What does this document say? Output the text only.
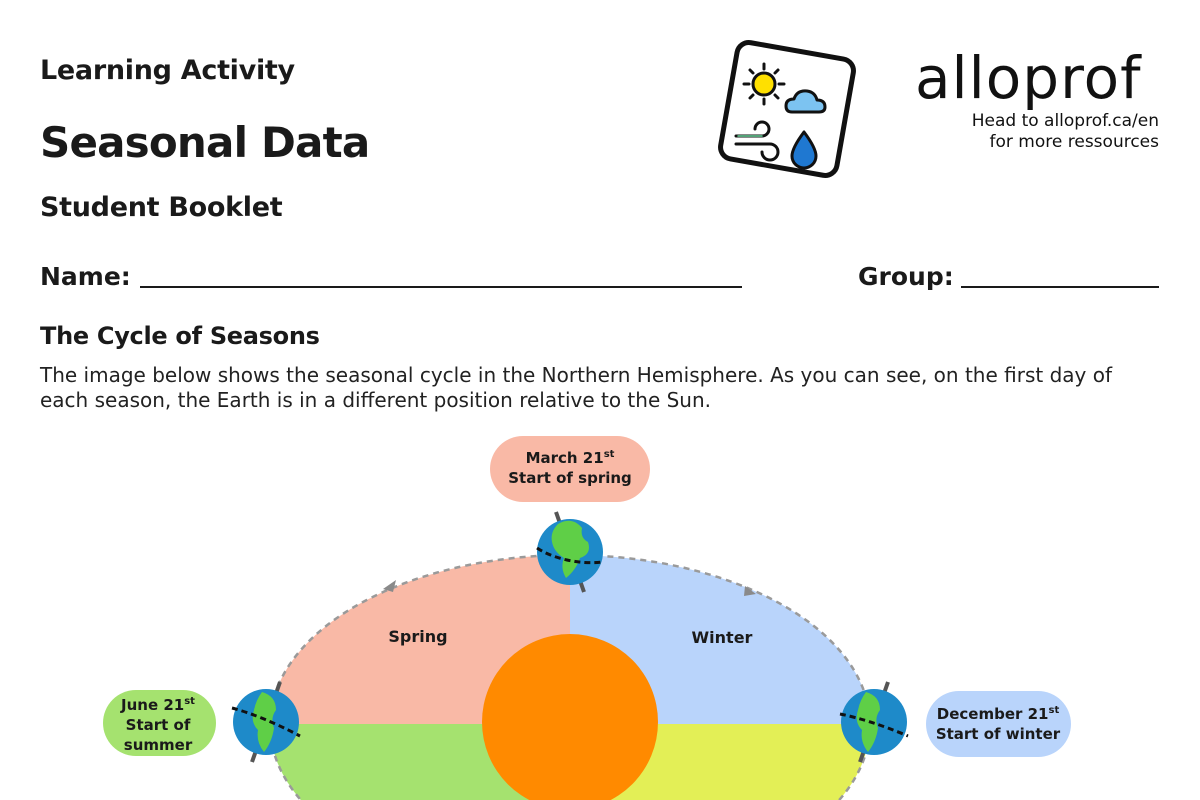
Learning Activity
Seasonal Data
Student Booklet
alloprof
Head to alloprof.ca/en
for more ressources
Name:	Group:
The Cycle of Seasons
The image below shows the seasonal cycle in the Northern Hemisphere. As you can see, on the first day of each season, the Earth is in a different position relative to the Sun.
Spring	Winter
March 21st
Start of spring
June 21st
Start of
summer
December 21st
Start of winter
